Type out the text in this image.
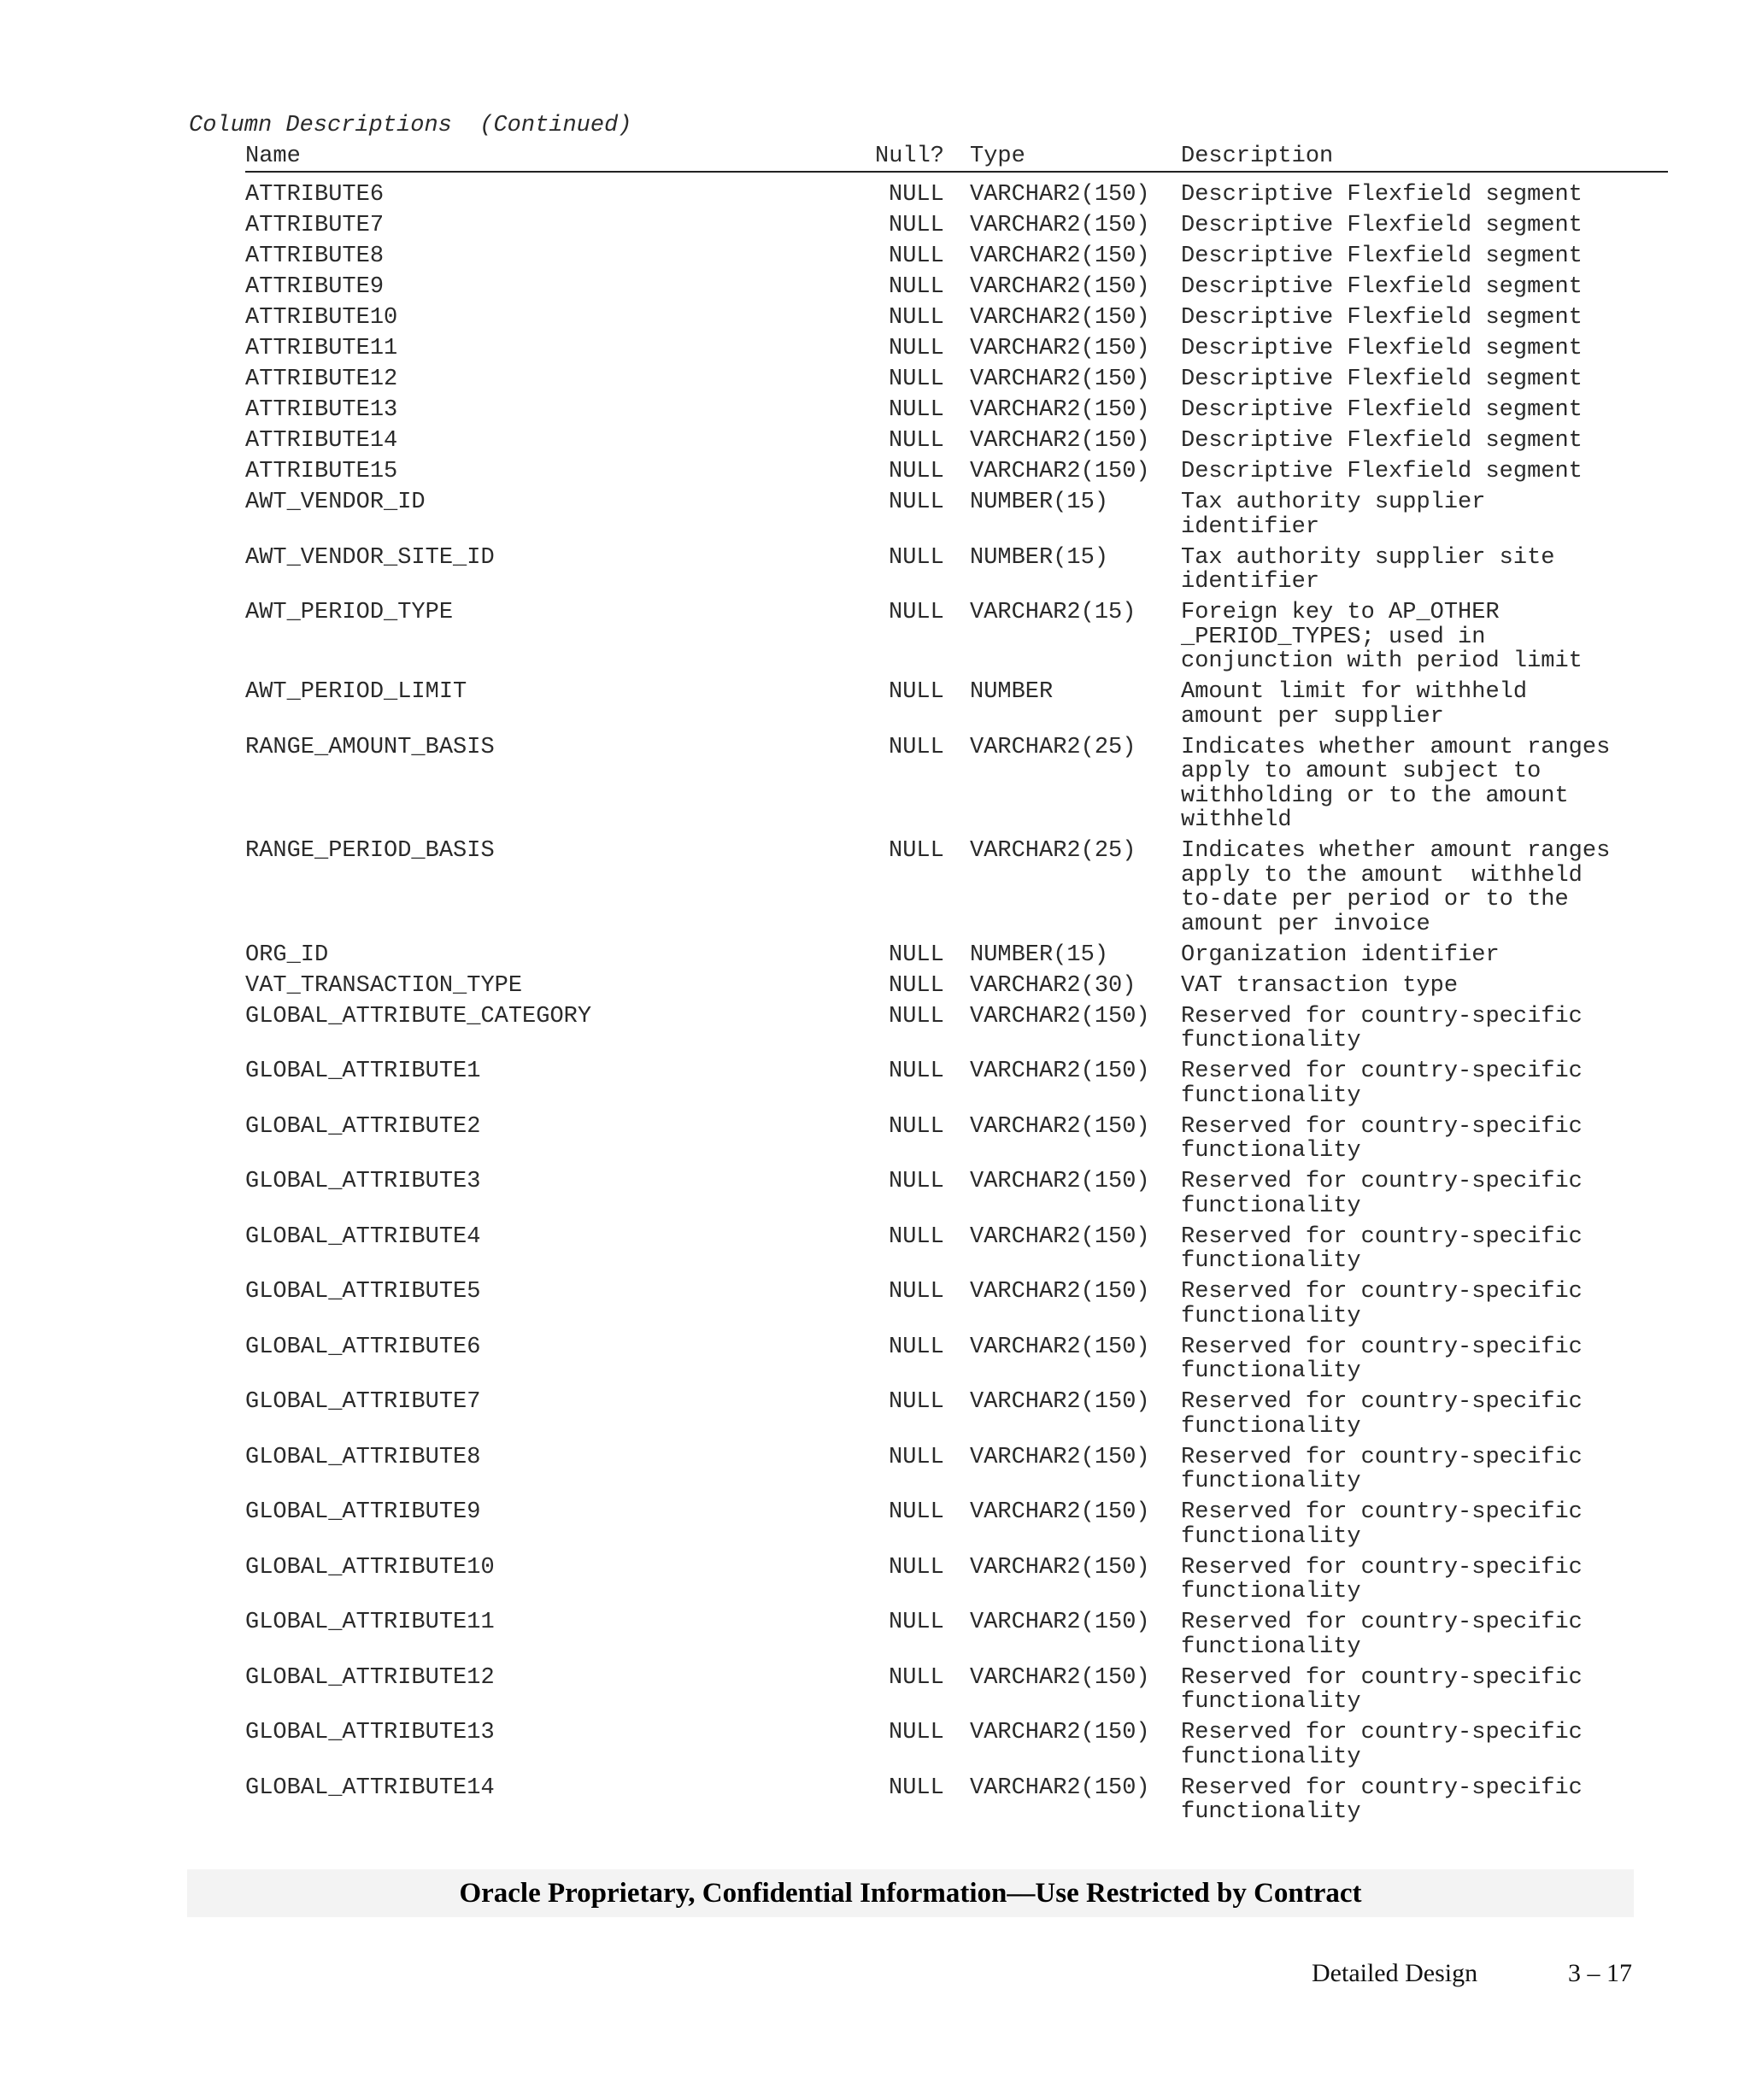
Column Descriptions  (Continued)
Name	Null? Type	Description
ATTRIBUTE6	NULL VARCHAR2(150) Descriptive Flexfield segment
ATTRIBUTE7	NULL VARCHAR2(150) Descriptive Flexfield segment
ATTRIBUTE8	NULL VARCHAR2(150) Descriptive Flexfield segment
ATTRIBUTE9	NULL VARCHAR2(150) Descriptive Flexfield segment
ATTRIBUTE10	NULL VARCHAR2(150) Descriptive Flexfield segment
ATTRIBUTE11	NULL VARCHAR2(150) Descriptive Flexfield segment
ATTRIBUTE12	NULL VARCHAR2(150) Descriptive Flexfield segment
ATTRIBUTE13	NULL VARCHAR2(150) Descriptive Flexfield segment
ATTRIBUTE14	NULL VARCHAR2(150) Descriptive Flexfield segment
ATTRIBUTE15	NULL VARCHAR2(150) Descriptive Flexfield segment
AWT_VENDOR_ID	NULL NUMBER(15)	Tax authority supplier
identifier
AWT_VENDOR_SITE_ID	NULL NUMBER(15)	Tax authority supplier site
identifier
AWT_PERIOD_TYPE	NULL VARCHAR2(15) Foreign key to AP_OTHER
_PERIOD_TYPES; used in
conjunction with period limit
AWT_PERIOD_LIMIT	NULL NUMBER	Amount limit for withheld
amount per supplier
RANGE_AMOUNT_BASIS	NULL VARCHAR2(25) Indicates whether amount ranges
apply to amount subject to
withholding or to the amount
withheld
RANGE_PERIOD_BASIS	NULL VARCHAR2(25) Indicates whether amount ranges
apply to the amount  withheld
to-date per period or to the
amount per invoice
ORG_ID	NULL NUMBER(15)	Organization identifier
VAT_TRANSACTION_TYPE	NULL VARCHAR2(30) VAT transaction type
GLOBAL_ATTRIBUTE_CATEGORY	NULL VARCHAR2(150) Reserved for country-specific
functionality
GLOBAL_ATTRIBUTE1	NULL VARCHAR2(150) Reserved for country-specific
functionality
GLOBAL_ATTRIBUTE2	NULL VARCHAR2(150) Reserved for country-specific
functionality
GLOBAL_ATTRIBUTE3	NULL VARCHAR2(150) Reserved for country-specific
functionality
GLOBAL_ATTRIBUTE4	NULL VARCHAR2(150) Reserved for country-specific
functionality
GLOBAL_ATTRIBUTE5	NULL VARCHAR2(150) Reserved for country-specific
functionality
GLOBAL_ATTRIBUTE6	NULL VARCHAR2(150) Reserved for country-specific
functionality
GLOBAL_ATTRIBUTE7	NULL VARCHAR2(150) Reserved for country-specific
functionality
GLOBAL_ATTRIBUTE8	NULL VARCHAR2(150) Reserved for country-specific
functionality
GLOBAL_ATTRIBUTE9	NULL VARCHAR2(150) Reserved for country-specific
functionality
GLOBAL_ATTRIBUTE10	NULL VARCHAR2(150) Reserved for country-specific
functionality
GLOBAL_ATTRIBUTE11	NULL VARCHAR2(150) Reserved for country-specific
functionality
GLOBAL_ATTRIBUTE12	NULL VARCHAR2(150) Reserved for country-specific
functionality
GLOBAL_ATTRIBUTE13	NULL VARCHAR2(150) Reserved for country-specific
functionality
GLOBAL_ATTRIBUTE14	NULL VARCHAR2(150) Reserved for country-specific
functionality
Oracle Proprietary, Confidential Information––Use Restricted by Contract
Detailed Design	3 – 17
